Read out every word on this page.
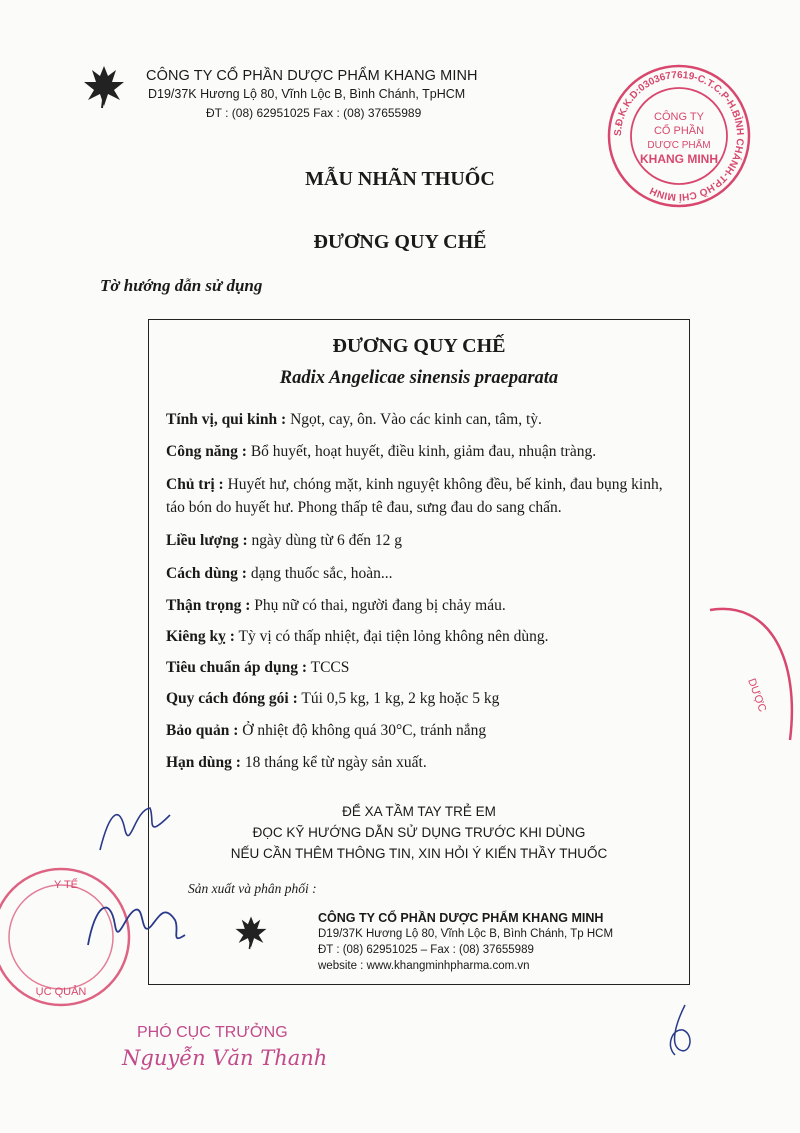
CÔNG TY CỔ PHẦN DƯỢC PHẨM KHANG MINH
D19/37K Hương Lộ 80, Vĩnh Lộc B, Bình Chánh, TpHCM
ĐT : (08) 62951025 Fax : (08) 37655989
S.Đ.K.K.D:0303677619-C.T.C.P-H.BÌNH CHÁNH-TP.HỒ CHÍ MINH
CÔNG TY
CỔ PHẦN
DƯỢC PHẨM
KHANG MINH
MẪU NHÃN THUỐC
ĐƯƠNG QUY CHẾ
Tờ hướng dẫn sử dụng
ĐƯƠNG QUY CHẾ
Radix Angelicae sinensis praeparata
Tính vị, qui kinh : Ngọt, cay, ôn. Vào các kinh can, tâm, tỳ.
Công năng : Bổ huyết, hoạt huyết, điều kinh, giảm đau, nhuận tràng.
Chủ trị : Huyết hư, chóng mặt, kinh nguyệt không đều, bế kinh, đau bụng kinh, táo bón do huyết hư. Phong thấp tê đau, sưng đau do sang chấn.
Liều lượng : ngày dùng từ 6 đến 12 g
Cách dùng : dạng thuốc sắc, hoàn...
Thận trọng : Phụ nữ có thai, người đang bị chảy máu.
Kiêng kỵ : Tỳ vị có thấp nhiệt, đại tiện lỏng không nên dùng.
Tiêu chuẩn áp dụng : TCCS
Quy cách đóng gói : Túi 0,5 kg, 1 kg, 2 kg hoặc 5 kg
Bảo quản : Ở nhiệt độ không quá 30°C, tránh nắng
Hạn dùng : 18 tháng kể từ ngày sản xuất.
ĐỂ XA TẦM TAY TRẺ EM
ĐỌC KỸ HƯỚNG DẪN SỬ DỤNG TRƯỚC KHI DÙNG
NẾU CẦN THÊM THÔNG TIN, XIN HỎI Ý KIẾN THẦY THUỐC
Sản xuất và phân phối :
CÔNG TY CỔ PHẦN DƯỢC PHẨM KHANG MINH
D19/37K Hương Lộ 80, Vĩnh Lộc B, Bình Chánh, Tp HCM
ĐT : (08) 62951025 – Fax : (08) 37655989
website : www.khangminhpharma.com.vn
Y TẾ
ỤC QUẢN
DƯỢC
PHÓ CỤC TRƯỞNG
Nguyễn Văn Thanh
